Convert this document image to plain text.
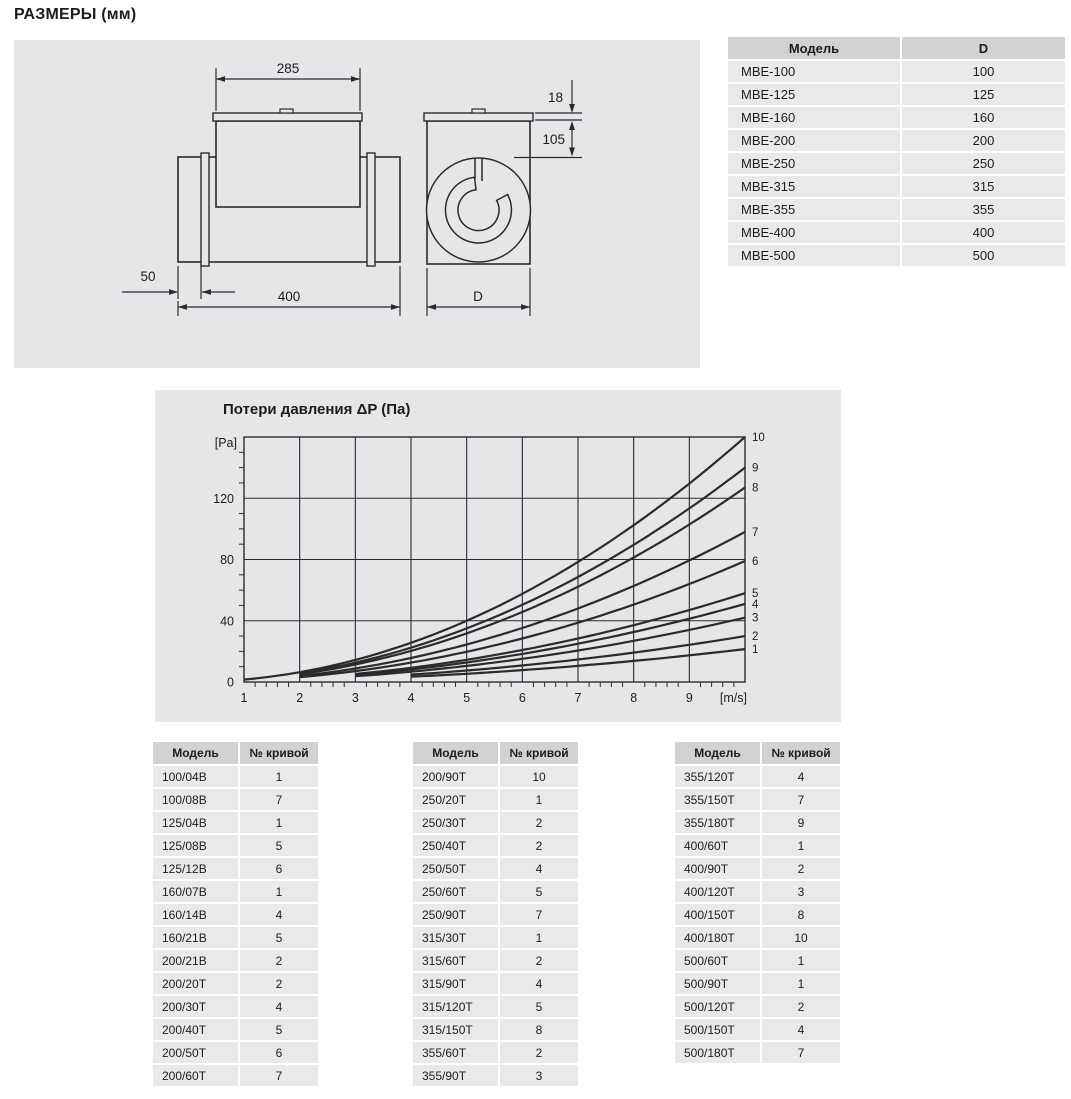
РАЗМЕРЫ (мм)
285
50
400
18
105
D
Модель	D
МВЕ-100	100
МВЕ-125	125
МВЕ-160	160
МВЕ-200	200
МВЕ-250	250
МВЕ-315	315
МВЕ-355	355
МВЕ-400	400
МВЕ-500	500
Потери давления ΔP (Па)
0
40
80
120
[Pa]
1	2	3	4	5	6	7	8	9 [m/s]
1
2
3
4
5
6
7
8
9
10
Модель	№ кривой
100/04B	1
100/08B	7
125/04B	1
125/08B	5
125/12B	6
160/07B	1
160/14B	4
160/21B	5
200/21B	2
200/20T	2
200/30T	4
200/40T	5
200/50T	6
200/60T	7
Модель	№ кривой
200/90T	10
250/20T	1
250/30T	2
250/40T	2
250/50T	4
250/60T	5
250/90T	7
315/30T	1
315/60T	2
315/90T	4
315/120T	5
315/150T	8
355/60T	2
355/90T	3
Модель	№ кривой
355/120T	4
355/150T	7
355/180T	9
400/60T	1
400/90T	2
400/120T	3
400/150T	8
400/180T	10
500/60T	1
500/90T	1
500/120T	2
500/150T	4
500/180T	7
